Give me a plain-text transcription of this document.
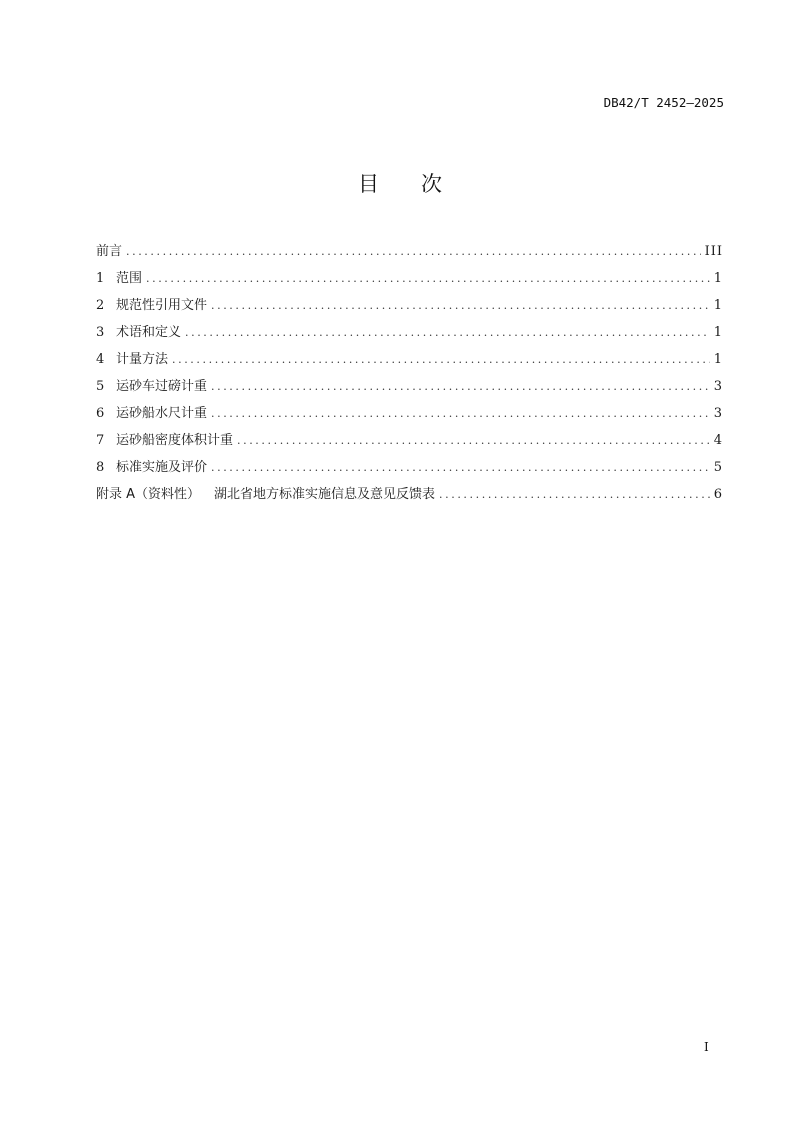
DB42/T 2452—2025
目 次
前言 .....	III
1 范围 .....	1
2 规范性引用文件 .....	1
3 术语和定义 .....	1
4 计量方法 .....	1
5 运砂车过磅计重 .....	3
6 运砂船水尺计重 .....	3
7 运砂船密度体积计重 .....	4
8 标准实施及评价 .....	5
附录 A（资料性） 湖北省地方标准实施信息及意见反馈表 .....	6
I
